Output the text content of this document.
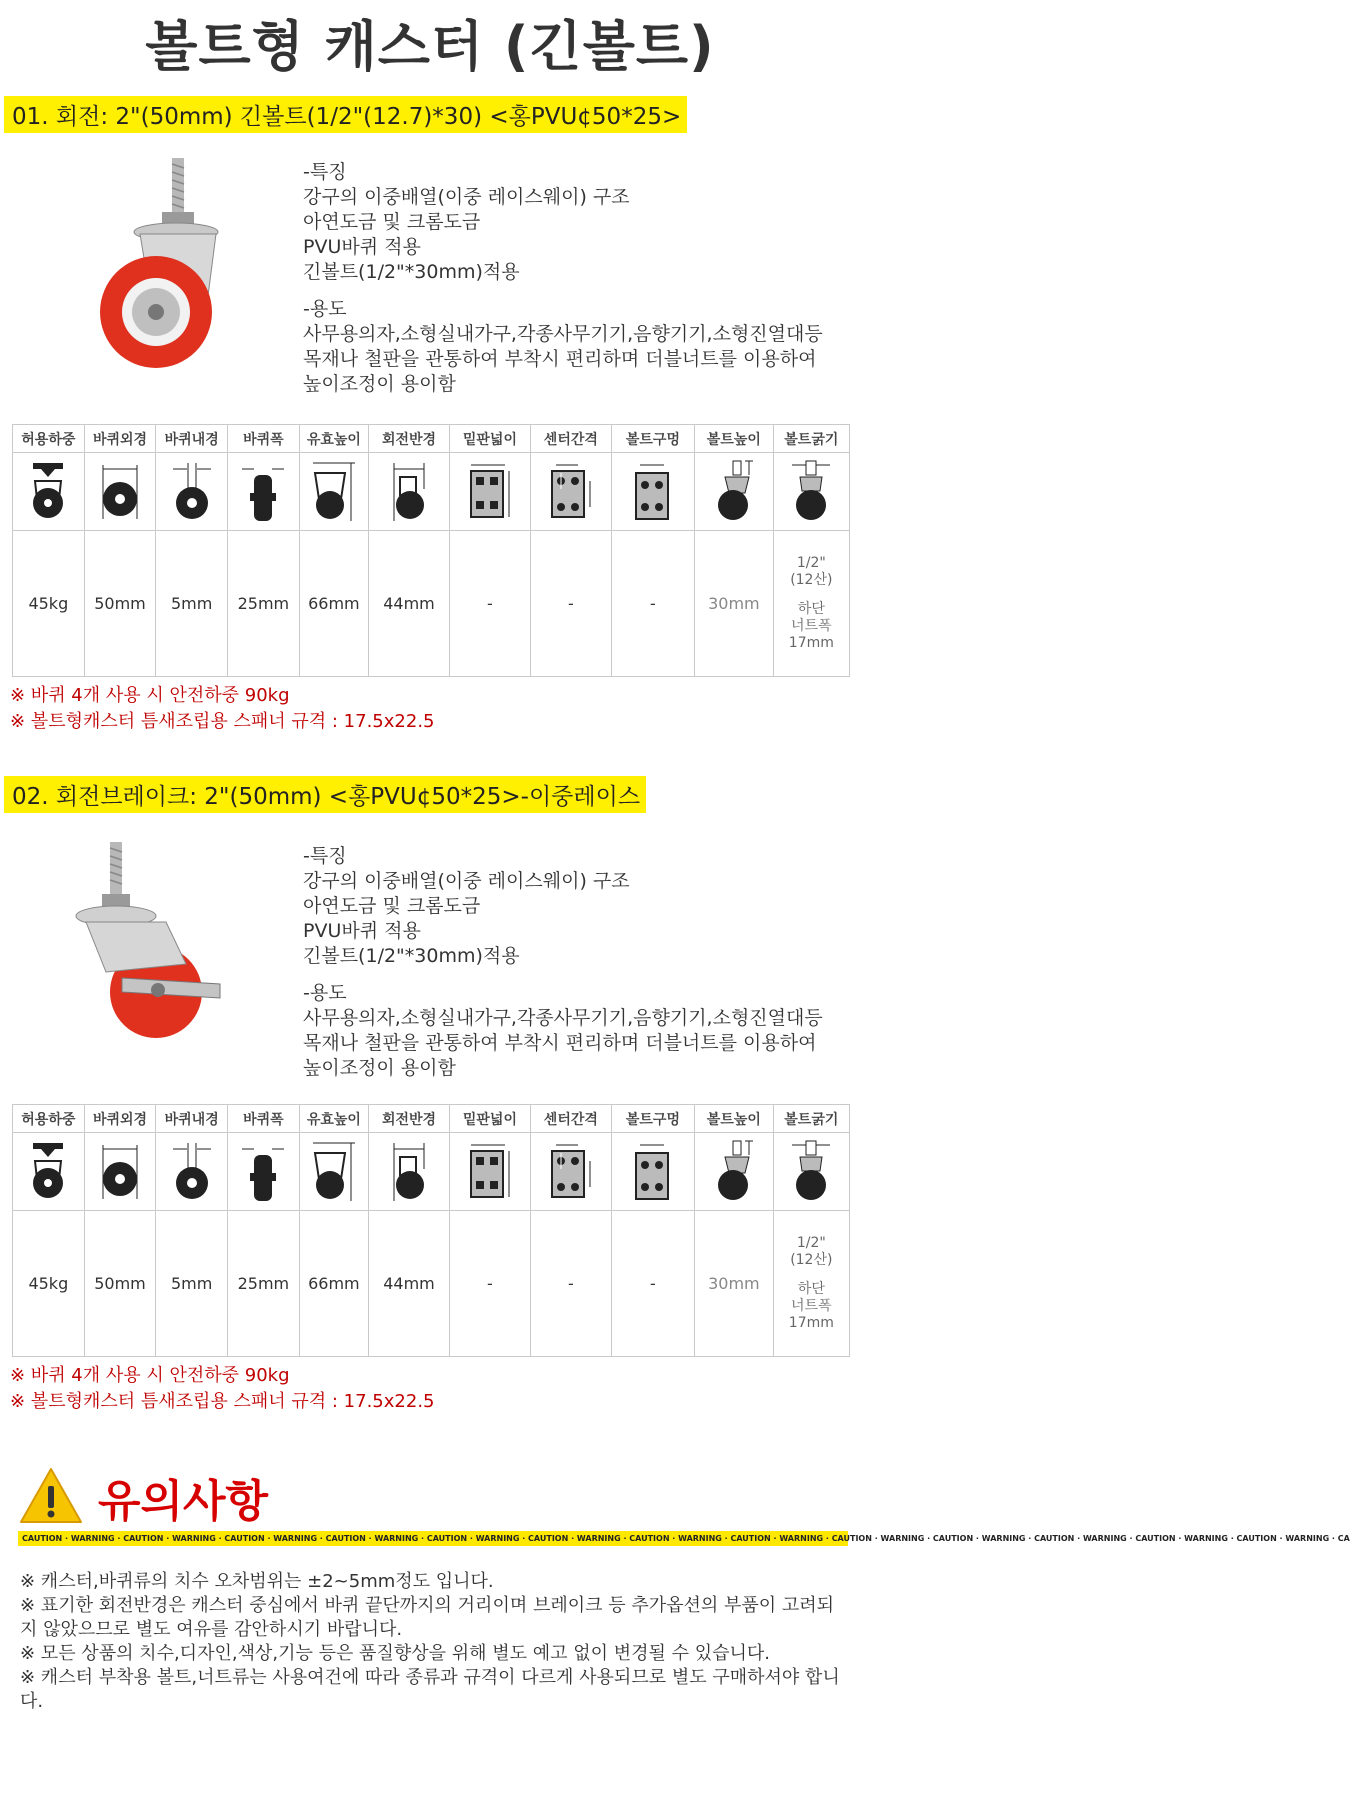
볼트형 캐스터 (긴볼트)
01. 회전: 2"(50mm) 긴볼트(1/2"(12.7)*30) <홍PVU¢50*25>
-특징
강구의 이중배열(이중 레이스웨이) 구조
아연도금 및 크롬도금
PVU바퀴 적용
긴볼트(1/2"*30mm)적용
-용도
사무용의자,소형실내가구,각종사무기기,음향기기,소형진열대등
목재나 철판을 관통하여 부착시 편리하며 더블너트를 이용하여
높이조정이 용이함
허용하중	바퀴외경	바퀴내경	바퀴폭	유효높이	회전반경	밑판넓이	센터간격	볼트구멍	볼트높이	볼트굵기

45kg	50mm	5mm	25mm	66mm	44mm	-	-	-	30mm	1/2"
(12산)
하단
너트폭
17mm
※ 바퀴 4개 사용 시 안전하중 90kg
※ 볼트형캐스터 틈새조립용 스패너 규격 : 17.5x22.5
02. 회전브레이크: 2"(50mm) <홍PVU¢50*25>-이중레이스
-특징
강구의 이중배열(이중 레이스웨이) 구조
아연도금 및 크롬도금
PVU바퀴 적용
긴볼트(1/2"*30mm)적용
-용도
사무용의자,소형실내가구,각종사무기기,음향기기,소형진열대등
목재나 철판을 관통하여 부착시 편리하며 더블너트를 이용하여
높이조정이 용이함
허용하중	바퀴외경	바퀴내경	바퀴폭	유효높이	회전반경	밑판넓이	센터간격	볼트구멍	볼트높이	볼트굵기

45kg	50mm	5mm	25mm	66mm	44mm	-	-	-	30mm	1/2"
(12산)
하단
너트폭
17mm
※ 바퀴 4개 사용 시 안전하중 90kg
※ 볼트형캐스터 틈새조립용 스패너 규격 : 17.5x22.5
유의사항
CAUTION · WARNING · CAUTION · WARNING · CAUTION · WARNING · CAUTION · WARNING · CAUTION · WARNING · CAUTION · WARNING · CAUTION · WARNING · CAUTION · WARNING · CAUTION · WARNING · CAUTION · WARNING · CAUTION · WARNING · CAUTION · WARNING · CAUTION · WARNING · CA
※ 캐스터,바퀴류의 치수 오차범위는 ±2~5mm정도 입니다.
※ 표기한 회전반경은 캐스터 중심에서 바퀴 끝단까지의 거리이며 브레이크 등 추가옵션의 부품이 고려되지 않았으므로 별도 여유를 감안하시기 바랍니다.
※ 모든 상품의 치수,디자인,색상,기능 등은 품질향상을 위해 별도 예고 없이 변경될 수 있습니다.
※ 캐스터 부착용 볼트,너트류는 사용여건에 따라 종류과 규격이 다르게 사용되므로 별도 구매하셔야 합니다.
